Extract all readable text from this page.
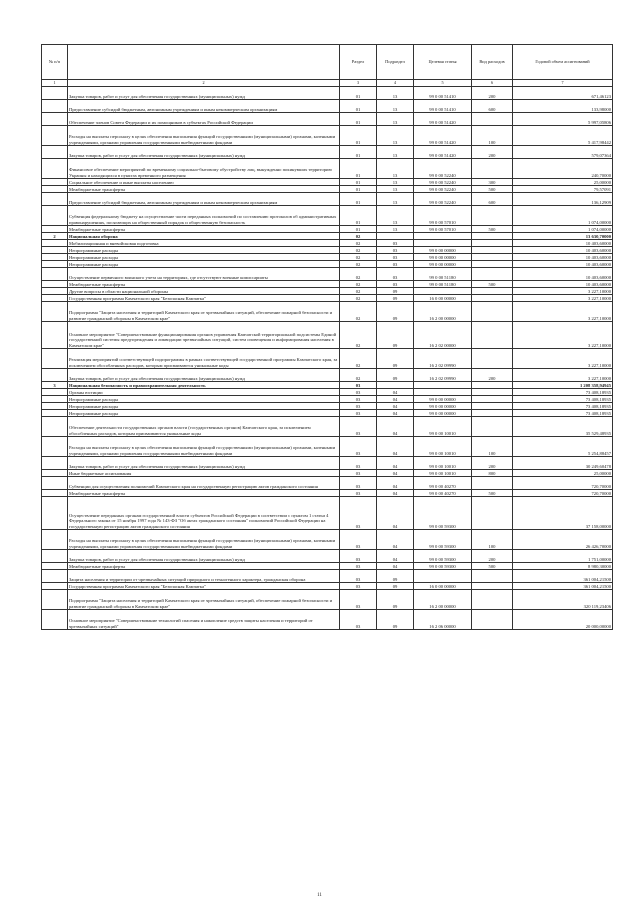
№ п/п		Раздел	Подраздел	Целевая статья	Вид расходов	Годовой объем ассигнований
1	2	3	4	5	6	7
	Закупка товаров, работ и услуг для обеспечения государственных (муниципальных) нужд	01	13	99 0 00 51410	200	671,46123
	Предоставление субсидий бюджетным, автономным учреждениям и иным некоммерческим организациям	01	13	99 0 00 51410	600	133,98000
	Обеспечение членов Совета Федерации и их помощников в субъектах Российской Федерации	01	13	99 0 00 51420		5 997,05806
	Расходы на выплаты персоналу в целях обеспечения выполнения функций государственными (муниципальными) органами, казенными учреждениями, органами управления государственными внебюджетными фондами	01	13	99 0 00 51420	100	5 417,98442
	Закупка товаров, работ и услуг для обеспечения государственных (муниципальных) нужд	01	13	99 0 00 51420	200	579,07364
	Финансовое обеспечение мероприятий по временному социально-бытовому обустройству лиц, вынужденно покинувших территорию Украины и находящихся в пунктах временного размещения	01	13	99 0 00 52240		240,70000
	Социальное обеспечение и иные выплаты населению	01	13	99 0 00 52240	300	25,00000
	Межбюджетные трансферты	01	13	99 0 00 52240	500	79,57091
	Предоставление субсидий бюджетным, автономным учреждениям и иным некоммерческим организациям	01	13	99 0 00 52240	600	136,12909
	Субвенция федеральному бюджету на осуществление части переданных полномочий по составлению протоколов об административных правонарушениях, посягающих на общественный порядок и общественную безопасность	01	13	99 0 00 57010		1 074,00000
	Межбюджетные трансферты	01	13	99 0 00 57010	500	1 074,00000
2	Национальная оборона	02				13 630,70000
	Мобилизационная и вневойсковая подготовка	02	03			10 403,60000
	Непрограммные расходы	02	03	99 0 00 00000		10 403,60000
	Непрограммные расходы	02	03	99 0 00 00000		10 403,60000
	Непрограммные расходы	02	03	99 0 00 00000		10 403,60000
	Осуществление первичного воинского учета на территориях, где отсутствуют военные комиссариаты	02	03	99 0 00 51180		10 403,60000
	Межбюджетные трансферты	02	03	99 0 00 51180	500	10 403,60000
	Другие вопросы в области национальной обороны	02	09			3 227,10000
	Государственная программа Камчатского края "Безопасная Камчатка"	02	09	16 0 00 00000		3 227,10000
	Подпрограмма "Защита населения и территорий Камчатского края от чрезвычайных ситуаций, обеспечение пожарной безопасности и развитие гражданской обороны в Камчатском крае"	02	09	16 2 00 00000		3 227,10000
	Основное мероприятие "Совершенствование функционирования органов управления Камчатской территориальной подсистемы Единой государственной системы предупреждения и ликвидации чрезвычайных ситуаций, систем оповещения и информирования населения в Камчатском крае"	02	09	16 2 02 00000		3 227,10000
	Реализация мероприятий соответствующей подпрограммы в рамках соответствующей государственной программы Камчатского края, за исключением обособленных расходов, которым присваиваются уникальные коды	02	09	16 2 02 09990		3 227,10000
	Закупка товаров, работ и услуг для обеспечения государственных (муниципальных) нужд	02	09	16 2 02 09990	200	3 227,10000
3	Национальная безопасность и правоохранительная деятельность	03				1 208 358,94945
	Органы юстиции	03	04			73 408,18935
	Непрограммные расходы	03	04	99 0 00 00000		73 408,18935
	Непрограммные расходы	03	04	99 0 00 00000		73 408,18935
	Непрограммные расходы	03	04	99 0 00 00000		73 408,18935
	Обеспечение деятельности государственных органов власти (государственных органов) Камчатского края, за исключением обособленных расходов, которым присваиваются уникальные коды	03	04	99 0 00 10010		35 529,48935
	Расходы на выплаты персоналу в целях обеспечения выполнения функций государственными (муниципальными) органами, казенными учреждениями, органами управления государственными внебюджетными фондами	03	04	99 0 00 10010	100	5 254,88457
	Закупка товаров, работ и услуг для обеспечения государственных (муниципальных) нужд	03	04	99 0 00 10010	200	30 249,60478
	Иные бюджетные ассигнования	03	04	99 0 00 10010	800	25,00000
	Субвенции для осуществления полномочий Камчатского края на государственную регистрацию актов гражданского состояния	03	04	99 0 00 40270		720,70000
	Межбюджетные трансферты	03	04	99 0 00 40270	500	720,70000
	Осуществление переданных органам государственной власти субъектов Российской Федерации в соответствии с пунктом 1 статьи 4 Федерального закона от 15 ноября 1997 года № 143-ФЗ "Об актах гражданского состояния" полномочий Российской Федерации на государственную регистрацию актов гражданского состояния	03	04	99 0 00 59300		37 158,00000
	Расходы на выплаты персоналу в целях обеспечения выполнения функций государственными (муниципальными) органами, казенными учреждениями, органами управления государственными внебюджетными фондами	03	04	99 0 00 59300	100	26 426,70000
	Закупка товаров, работ и услуг для обеспечения государственных (муниципальных) нужд	03	04	99 0 00 59300	200	1 751,00000
	Межбюджетные трансферты	03	04	99 0 00 59300	500	8 980,30000
	Защита населения и территории от чрезвычайных ситуаций природного и техногенного характера, гражданская оборона	03	09			361 004,21500
	Государственная программа Камчатского края "Безопасная Камчатка"	03	09	16 0 00 00000		361 004,21500
	Подпрограмма "Защита населения и территорий Камчатского края от чрезвычайных ситуаций, обеспечение пожарной безопасности и развитие гражданской обороны в Камчатском крае"	03	09	16 2 00 00000		320 119,23406
	Основное мероприятие "Совершенствование технологий спасения и накопление средств защиты населения и территорий от чрезвычайных ситуаций"	03	09	16 2 06 00000		20 000,00000
11
